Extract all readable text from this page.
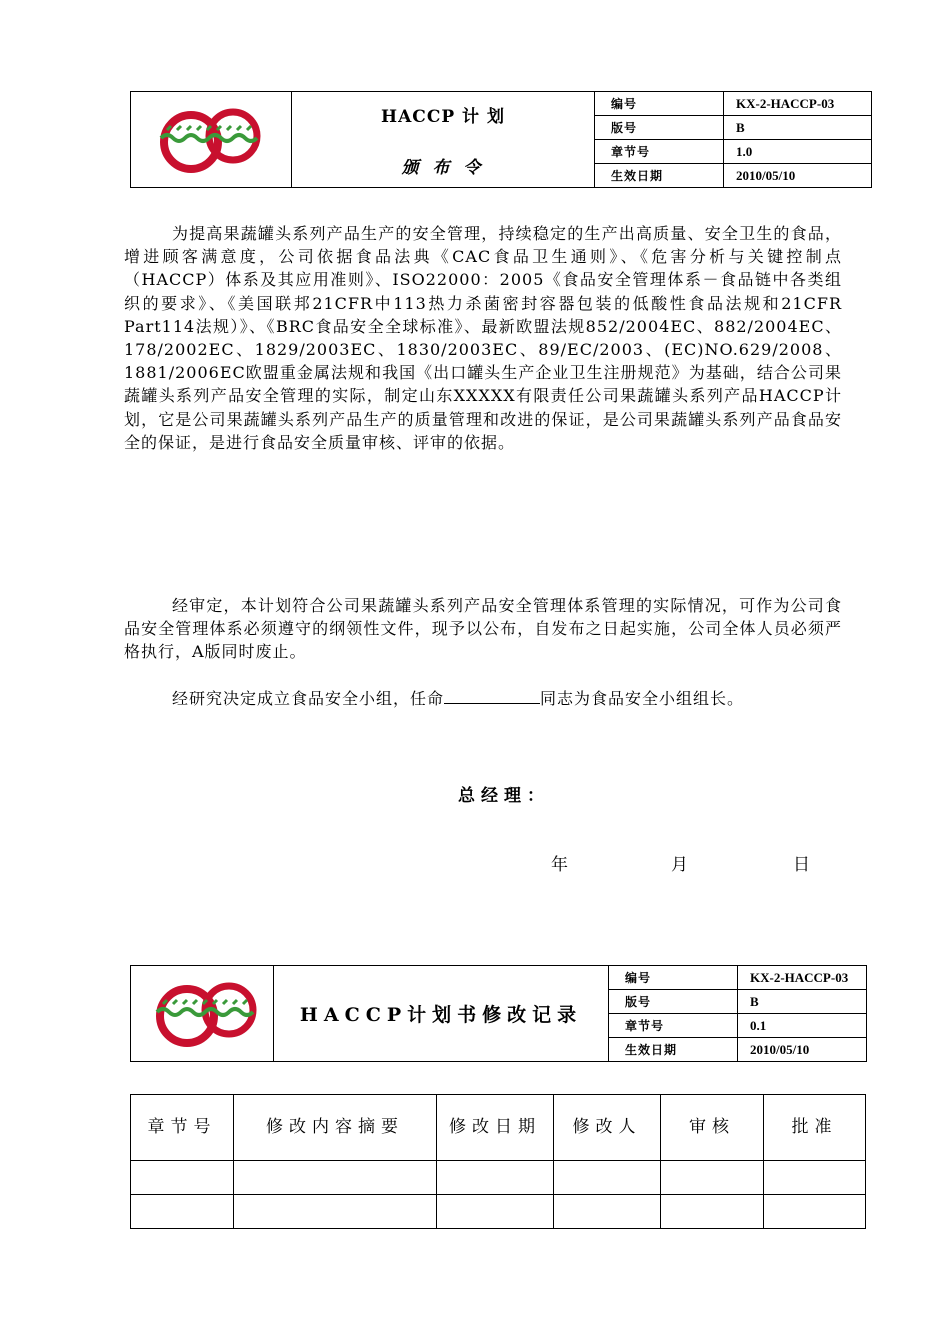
HACCP 计 划
颁 布 令	编号	KX-2-HACCP-03
		版号	B
		章节号	1.0
		生效日期	2010/05/10

为提高果蔬罐头系列产品生产的安全管理，持续稳定的生产出高质量、安全卫生的食品，增进顾客满意度，公司依据食品法典《CAC食品卫生通则》、《危害分析与关键控制点（HACCP）体系及其应用准则》、ISO22000：2005《食品安全管理体系－食品链中各类组织的要求》、《美国联邦21CFR中113热力杀菌密封容器包装的低酸性食品法规和21CFR Part114法规）》、《BRC食品安全全球标准》、最新欧盟法规852/2004EC、882/2004EC、178/2002EC、1829/2003EC、1830/2003EC、89/EC/2003、(EC)NO.629/2008、1881/2006EC欧盟重金属法规和我国《出口罐头生产企业卫生注册规范》为基础，结合公司果蔬罐头系列产品安全管理的实际，制定山东XXXXX有限责任公司果蔬罐头系列产品HACCP计划，它是公司果蔬罐头系列产品生产的质量管理和改进的保证，是公司果蔬罐头系列产品食品安全的保证，是进行食品安全质量审核、评审的依据。

经审定，本计划符合公司果蔬罐头系列产品安全管理体系管理的实际情况，可作为公司食品安全管理体系必须遵守的纲领性文件，现予以公布，自发布之日起实施，公司全体人员必须严格执行，A版同时废止。

经研究决定成立食品安全小组，任命	同志为食品安全小组组长。

总经理：
年	月	日

HACCP计划书修改记录	编号	KX-2-HACCP-03
		版号	B
		章节号	0.1
		生效日期	2010/05/10
章节号	修改内容摘要	修改日期	修改人	审核	批准
